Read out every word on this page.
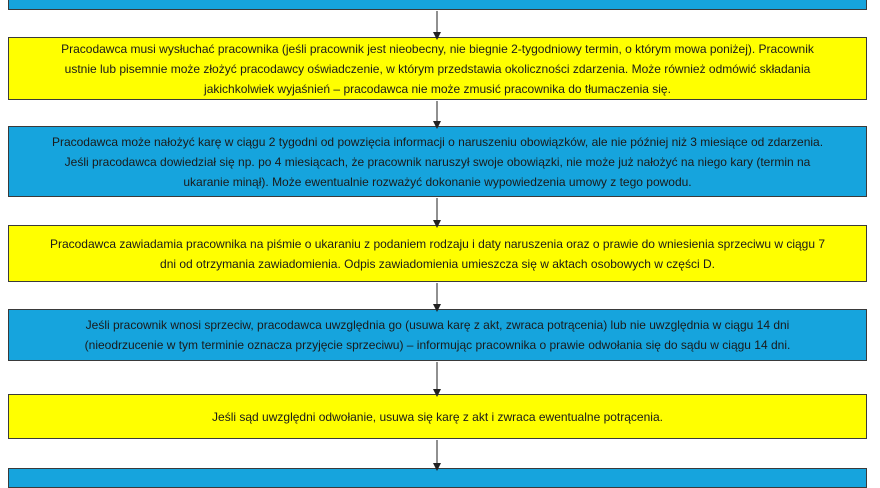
Pracodawca musi wysłuchać pracownika (jeśli pracownik jest nieobecny, nie biegnie 2-tygodniowy termin, o którym mowa poniżej). Pracownik
ustnie lub pisemnie może złożyć pracodawcy oświadczenie, w którym przedstawia okoliczności zdarzenia. Może również odmówić składania
jakichkolwiek wyjaśnień – pracodawca nie może zmusić pracownika do tłumaczenia się.

Pracodawca może nałożyć karę w ciągu 2 tygodni od powzięcia informacji o naruszeniu obowiązków, ale nie później niż 3 miesiące od zdarzenia.
Jeśli pracodawca dowiedział się np. po 4 miesiącach, że pracownik naruszył swoje obowiązki, nie może już nałożyć na niego kary (termin na
ukaranie minął). Może ewentualnie rozważyć dokonanie wypowiedzenia umowy z tego powodu.

Pracodawca zawiadamia pracownika na piśmie o ukaraniu z podaniem rodzaju i daty naruszenia oraz o prawie do wniesienia sprzeciwu w ciągu 7
dni od otrzymania zawiadomienia. Odpis zawiadomienia umieszcza się w aktach osobowych w części D.

Jeśli pracownik wnosi sprzeciw, pracodawca uwzględnia go (usuwa karę z akt, zwraca potrącenia) lub nie uwzględnia w ciągu 14 dni
(nieodrzucenie w tym terminie oznacza przyjęcie sprzeciwu) – informując pracownika o prawie odwołania się do sądu w ciągu 14 dni.

Jeśli sąd uwzględni odwołanie, usuwa się karę z akt i zwraca ewentualne potrącenia.
